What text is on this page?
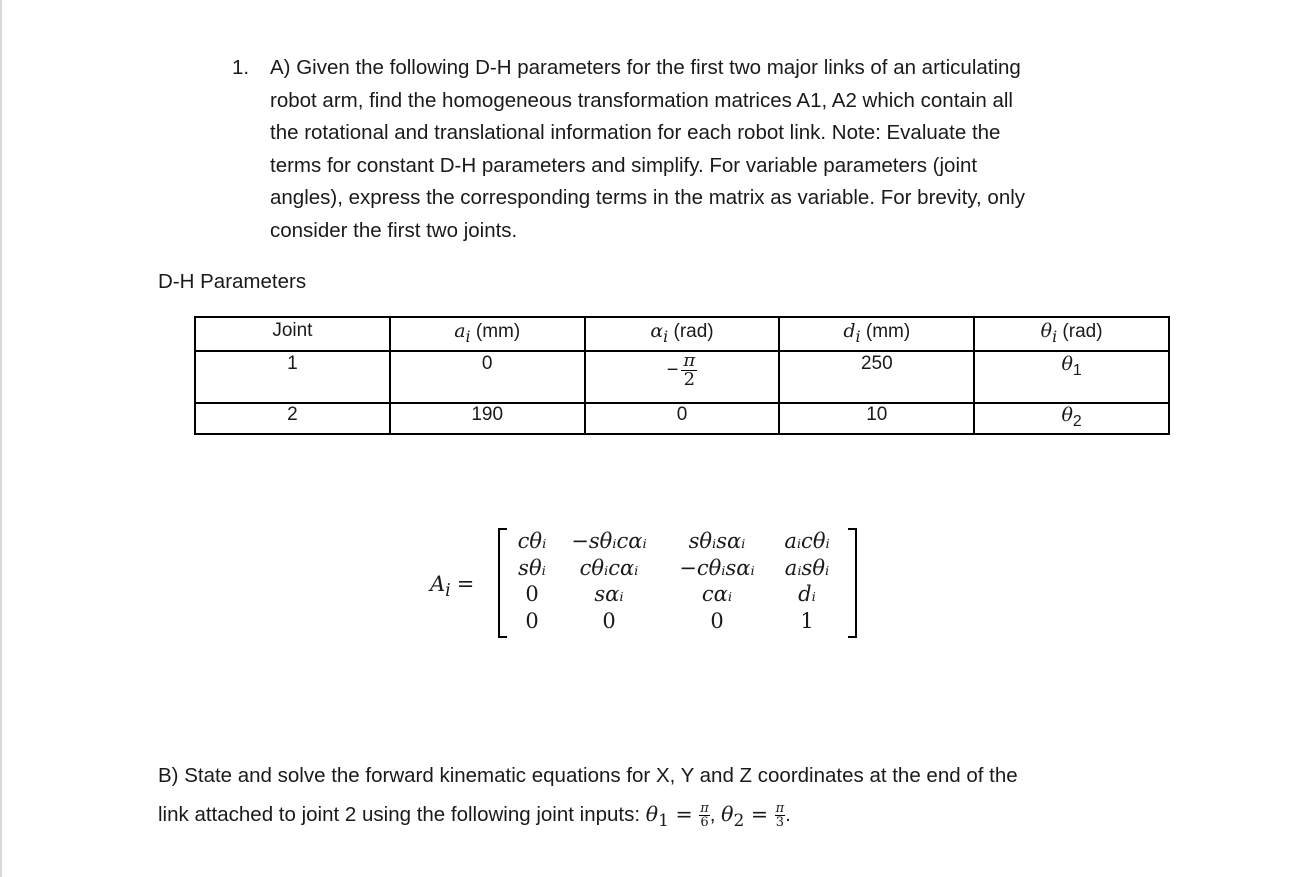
1. A) Given the following D-H parameters for the first two major links of an articulating
robot arm, find the homogeneous transformation matrices A1, A2 which contain all
the rotational and translational information for each robot link. Note: Evaluate the
terms for constant D-H parameters and simplify. For variable parameters (joint
angles), express the corresponding terms in the matrix as variable. For brevity, only
consider the first two joints.
D-H Parameters
Joint	$a_i$ (mm)	$\alpha_i$ (rad)	$d_i$ (mm)	$\theta_i$ (rad)
1	0	− $\frac{\pi}{2}$	250	$\theta_1$
2	190	0	10	$\theta_2$
$A_i$ =
cθᵢ	−sθᵢcαᵢ	sθᵢsαᵢ	aᵢcθᵢ
sθᵢ	cθᵢcαᵢ	−cθᵢsαᵢ	aᵢsθᵢ
0	sαᵢ	cαᵢ	dᵢ
0	0	0	1
B) State and solve the forward kinematic equations for X, Y and Z coordinates at the end of the
link attached to joint 2 using the following joint inputs: $\theta_1 = \frac{\pi}{6}$ , $\theta_2 = \frac{\pi}{3}$ .
